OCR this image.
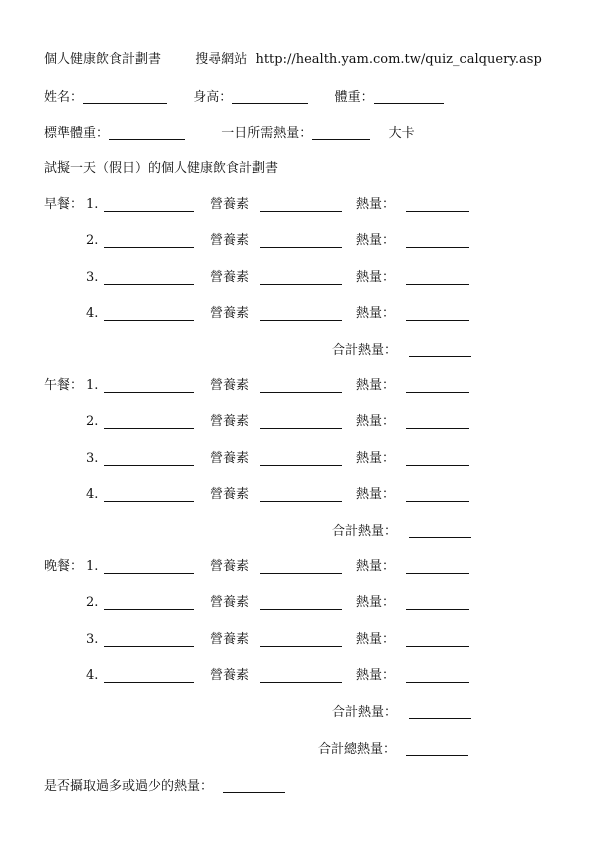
個人健康飲食計劃書	搜尋網站 http://health.yam.com.tw/quiz_calquery.asp
姓名：	身高：	體重：
標準體重：	一日所需熱量：	大卡
試擬一天（假日）的個人健康飲食計劃書
早餐： 1.	營養素	熱量：
2.	營養素	熱量：
3.	營養素	熱量：
4.	營養素	熱量：
合計熱量：
午餐： 1.	營養素	熱量：
2.	營養素	熱量：
3.	營養素	熱量：
4.	營養素	熱量：
合計熱量：
晚餐： 1.	營養素	熱量：
2.	營養素	熱量：
3.	營養素	熱量：
4.	營養素	熱量：
合計熱量：
合計總熱量：
是否攝取過多或過少的熱量：
